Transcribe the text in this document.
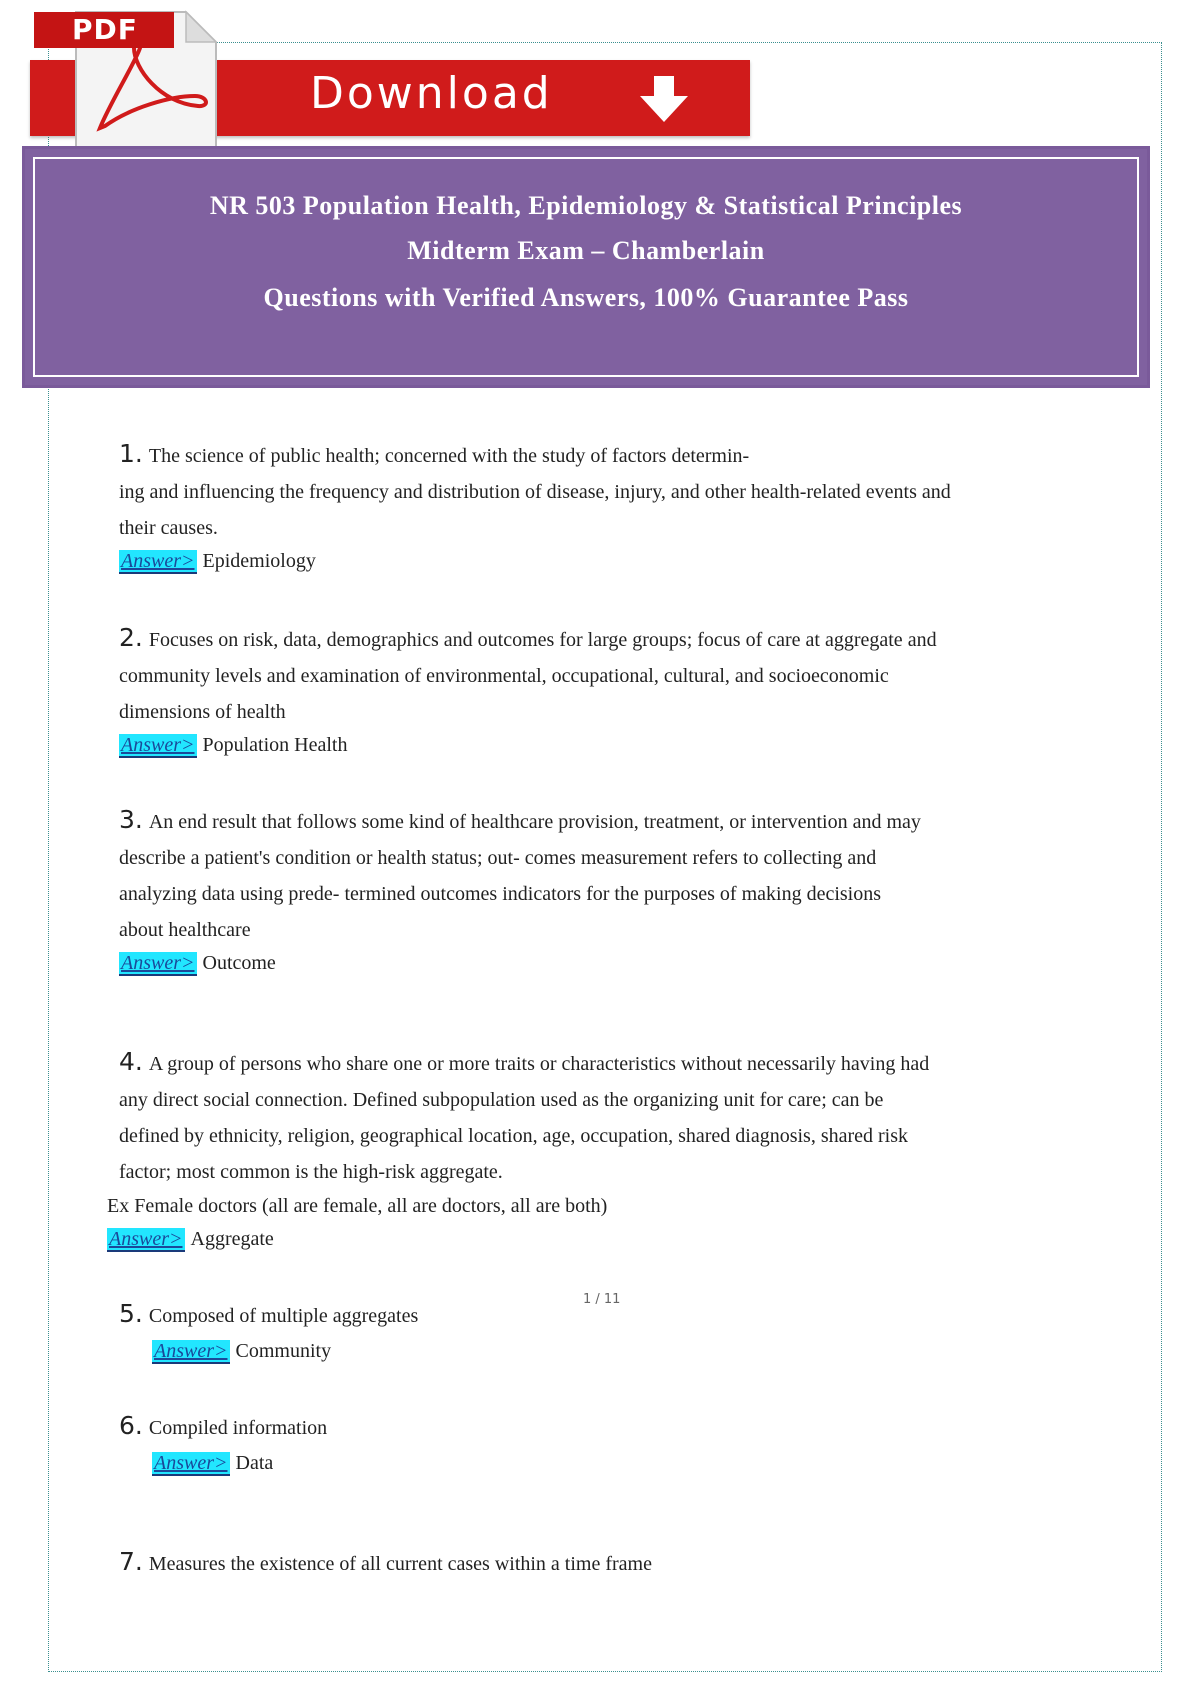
Download
PDF
NR 503 Population Health, Epidemiology & Statistical Principles
Midterm Exam – Chamberlain
Questions with Verified Answers, 100% Guarantee Pass
1. The science of public health; concerned with the study of factors determin-
ing and influencing the frequency and distribution of disease, injury, and other health-related events and
their causes.
Answer> Epidemiology
2. Focuses on risk, data, demographics and outcomes for large groups; focus of care at aggregate and
community levels and examination of environmental, occupational, cultural, and socioeconomic
dimensions of health
Answer> Population Health
3. An end result that follows some kind of healthcare provision, treatment, or intervention and may
describe a patient's condition or health status; out- comes measurement refers to collecting and
analyzing data using prede- termined outcomes indicators for the purposes of making decisions
about healthcare
Answer> Outcome
4. A group of persons who share one or more traits or characteristics without necessarily having had
any direct social connection. Defined subpopulation used as the organizing unit for care; can be
defined by ethnicity, religion, geographical location, age, occupation, shared diagnosis, shared risk
factor; most common is the high-risk aggregate.
Ex Female doctors (all are female, all are doctors, all are both)
Answer> Aggregate
1 / 11
5. Composed of multiple aggregates
Answer> Community
6. Compiled information
Answer> Data
7. Measures the existence of all current cases within a time frame
